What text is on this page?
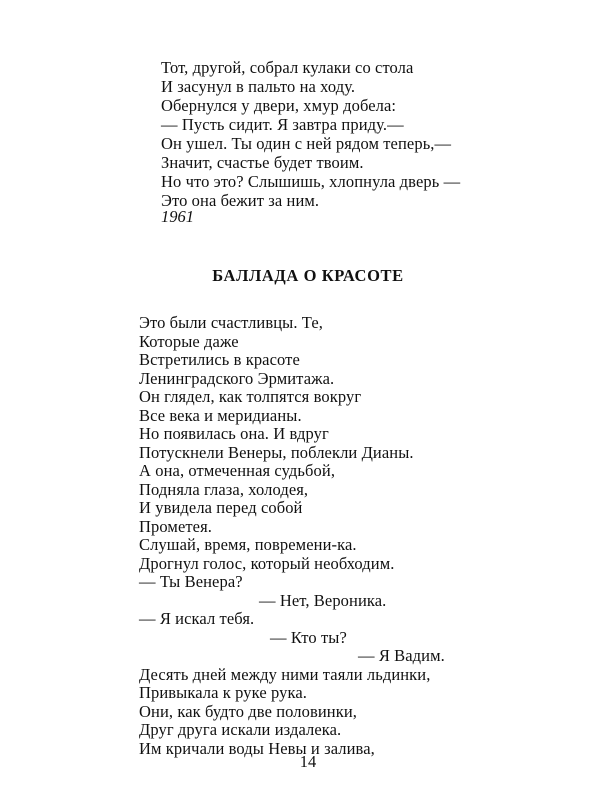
Тот, другой, собрал кулаки со стола
И засунул в пальто на ходу.
Обернулся у двери, хмур добела:
— Пусть сидит. Я завтра приду.—
Он ушел. Ты один с ней рядом теперь,—
Значит, счастье будет твоим.
Но что это? Слышишь, хлопнула дверь —
Это она бежит за ним.
1961
БАЛЛАДА О КРАСОТЕ
Это были счастливцы. Те,
Которые даже
Встретились в красоте
Ленинградского Эрмитажа.
Он глядел, как толпятся вокруг
Все века и меридианы.
Но появилась она. И вдруг
Потускнели Венеры, поблекли Дианы.
А она, отмеченная судьбой,
Подняла глаза, холодея,
И увидела перед собой
Прометея.
Слушай, время, повремени-ка.
Дрогнул голос, который необходим.
— Ты Венера?
— Нет, Вероника.
— Я искал тебя.
— Кто ты?
— Я Вадим.
Десять дней между ними таяли льдинки,
Привыкала к руке рука.
Они, как будто две половинки,
Друг друга искали издалека.
Им кричали воды Невы и залива,
14
